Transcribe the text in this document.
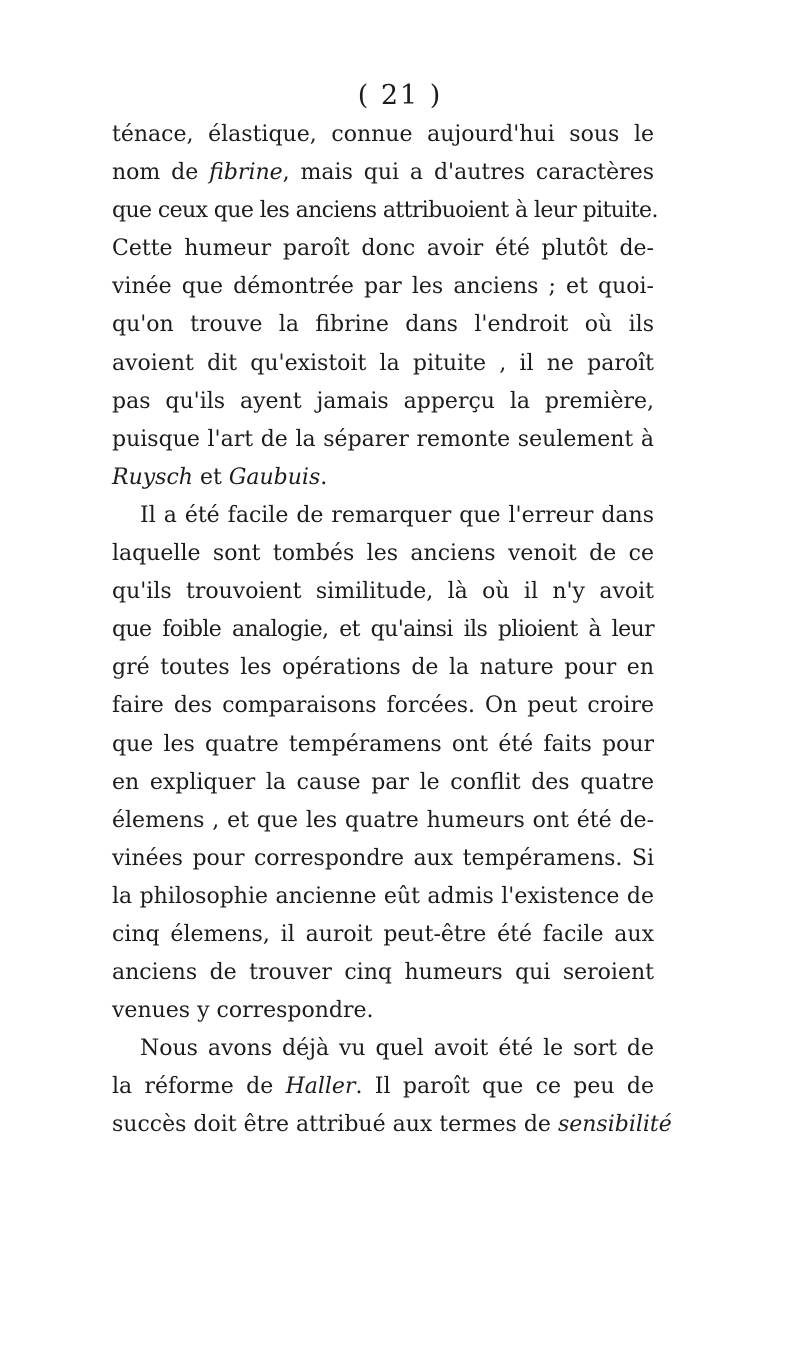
( 21 )
ténace, élastique, connue aujourd'hui sous le
nom de fibrine, mais qui a d'autres caractères
que ceux que les anciens attribuoient à leur pituite.
Cette humeur paroît donc avoir été plutôt de-
vinée que démontrée par les anciens ; et quoi-
qu'on trouve la fibrine dans l'endroit où ils
avoient dit qu'existoit la pituite , il ne paroît
pas qu'ils ayent jamais apperçu la première,
puisque l'art de la séparer remonte seulement à
Ruysch et Gaubuis.
Il a été facile de remarquer que l'erreur dans
laquelle sont tombés les anciens venoit de ce
qu'ils trouvoient similitude, là où il n'y avoit
que foible analogie, et qu'ainsi ils plioient à leur
gré toutes les opérations de la nature pour en
faire des comparaisons forcées. On peut croire
que les quatre tempéramens ont été faits pour
en expliquer la cause par le conflit des quatre
élemens , et que les quatre humeurs ont été de-
vinées pour correspondre aux tempéramens. Si
la philosophie ancienne eût admis l'existence de
cinq élemens, il auroit peut-être été facile aux
anciens de trouver cinq humeurs qui seroient
venues y correspondre.
Nous avons déjà vu quel avoit été le sort de
la réforme de Haller. Il paroît que ce peu de
succès doit être attribué aux termes de sensibilité
